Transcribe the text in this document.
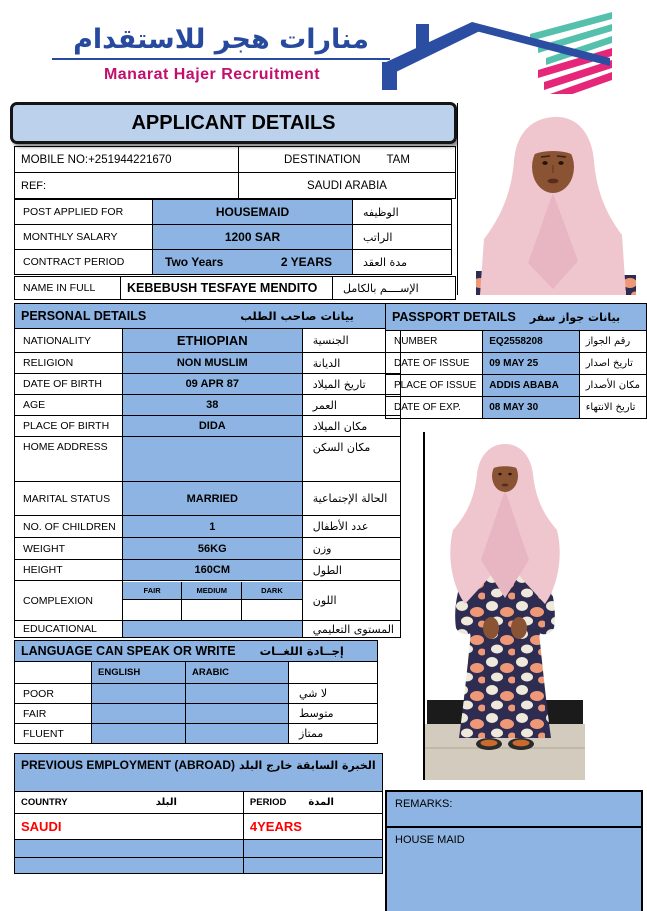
منارات هجر للاستقدام
Manarat Hajer Recruitment
APPLICANT DETAILS
MOBILE NO:+251944221670	DESTINATION TAM

REF:	SAUDI ARABIA
POST APPLIED FOR	HOUSEMAID	الوظيفه
MONTHLY SALARY	1200 SAR	الراتب
CONTRACT PERIOD	Two Years 2 YEARS	مدة العقد
NAME IN FULL	KEBEBUSH TESFAYE MENDITO	الإســــم بالكامل
PERSONAL DETAILS بيانات صاحب الطلب		

NATIONALITY	ETHIOPIAN	الجنسية
RELIGION	NON MUSLIM	الديانة
DATE OF BIRTH	09 APR 87	تاريخ الميلاد
AGE	38	العمر
PLACE OF BIRTH	DIDA	مكان الميلاد
HOME ADDRESS		مكان السكن
MARITAL STATUS	MARRIED	الحالة الإجتماعية
NO. OF CHILDREN	1	عدد الأطفال
WEIGHT	56KG	وزن
HEIGHT	160CM	الطول
COMPLEXION	FAIR MEDIUM DARK	اللون
EDUCATIONAL		المستوى التعليمي
PASSPORT DETAILS بيانات جواز سفر		

NUMBER	EQ2558208	رقم الجواز
DATE OF ISSUE	09 MAY 25	تاريخ اصدار
PLACE OF ISSUE	ADDIS ABABA	مكان الأصدار
DATE OF EXP.	08 MAY 30	تاريخ الانتهاء
LANGUAGE CAN SPEAK OR WRITE إجــادة اللغــات			

	ENGLISH	ARABIC	
POOR			لا شي
FAIR			متوسط
FLUENT			ممتاز
PREVIOUS EMPLOYMENT (ABROAD) الخبرة السابقة خارج البلد	

COUNTRY البلد	PERIOD المدة

SAUDI	4YEARS

REMARKS:
HOUSE MAID
